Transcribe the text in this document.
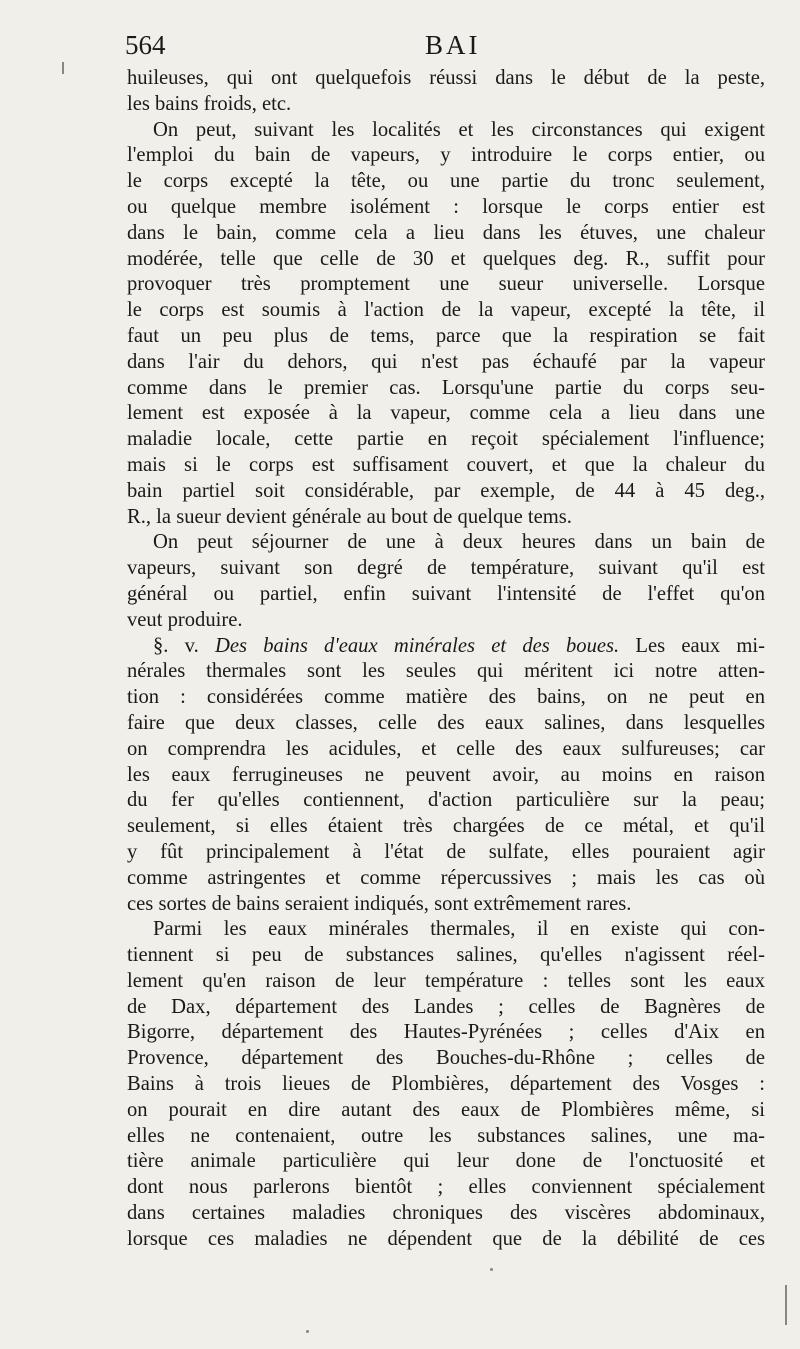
564	BAI
huileuses, qui ont quelquefois réussi dans le début de la peste,
les bains froids, etc.
On peut, suivant les localités et les circonstances qui exigent
l'emploi du bain de vapeurs, y introduire le corps entier, ou
le corps excepté la tête, ou une partie du tronc seulement,
ou quelque membre isolément : lorsque le corps entier est
dans le bain, comme cela a lieu dans les étuves, une chaleur
modérée, telle que celle de 30 et quelques deg. R., suffit pour
provoquer très promptement une sueur universelle. Lorsque
le corps est soumis à l'action de la vapeur, excepté la tête, il
faut un peu plus de tems, parce que la respiration se fait
dans l'air du dehors, qui n'est pas échaufé par la vapeur
comme dans le premier cas. Lorsqu'une partie du corps seu-
lement est exposée à la vapeur, comme cela a lieu dans une
maladie locale, cette partie en reçoit spécialement l'influence;
mais si le corps est suffisament couvert, et que la chaleur du
bain partiel soit considérable, par exemple, de 44 à 45 deg.,
R., la sueur devient générale au bout de quelque tems.
On peut séjourner de une à deux heures dans un bain de
vapeurs, suivant son degré de température, suivant qu'il est
général ou partiel, enfin suivant l'intensité de l'effet qu'on
veut produire.
§. v. Des bains d'eaux minérales et des boues. Les eaux mi-
nérales thermales sont les seules qui méritent ici notre atten-
tion : considérées comme matière des bains, on ne peut en
faire que deux classes, celle des eaux salines, dans lesquelles
on comprendra les acidules, et celle des eaux sulfureuses; car
les eaux ferrugineuses ne peuvent avoir, au moins en raison
du fer qu'elles contiennent, d'action particulière sur la peau;
seulement, si elles étaient très chargées de ce métal, et qu'il
y fût principalement à l'état de sulfate, elles pouraient agir
comme astringentes et comme répercussives ; mais les cas où
ces sortes de bains seraient indiqués, sont extrêmement rares.
Parmi les eaux minérales thermales, il en existe qui con-
tiennent si peu de substances salines, qu'elles n'agissent réel-
lement qu'en raison de leur température : telles sont les eaux
de Dax, département des Landes ; celles de Bagnères de
Bigorre, département des Hautes-Pyrénées ; celles d'Aix en
Provence, département des Bouches-du-Rhône ; celles de
Bains à trois lieues de Plombières, département des Vosges :
on pourait en dire autant des eaux de Plombières même, si
elles ne contenaient, outre les substances salines, une ma-
tière animale particulière qui leur done de l'onctuosité et
dont nous parlerons bientôt ; elles conviennent spécialement
dans certaines maladies chroniques des viscères abdominaux,
lorsque ces maladies ne dépendent que de la débilité de ces
